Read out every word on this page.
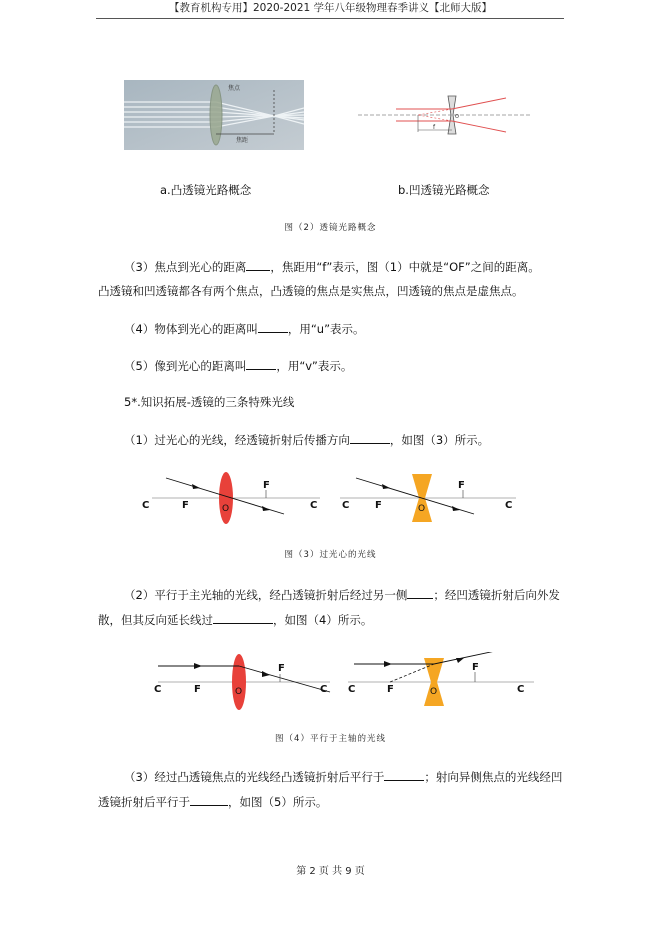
【教育机构专用】2020-2021 学年八年级物理春季讲义【北师大版】
焦点
焦距
f
O
a.凸透镜光路概念	b.凹透镜光路概念
图（2）透镜光路概念
（3）焦点到光心的距离 ，焦距用“f”表示，图（1）中就是“OF”之间的距离。
凸透镜和凹透镜都各有两个焦点，凸透镜的焦点是实焦点，凹透镜的焦点是虚焦点。
（4）物体到光心的距离叫	，用“u”表示。
（5）像到光心的距离叫	，用“v”表示。
5*.知识拓展-透镜的三条特殊光线
（1）过光心的光线，经透镜折射后传播方向	，如图（3）所示。
C	F	O
F
C C	F	O
F
C
图（3）过光心的光线
（2）平行于主光轴的光线，经凸透镜折射后经过另一侧 ；经凹透镜折射后向外发
散，但其反向延长线过	，如图（4）所示。
C	F	O
F
C C	F	O
F
C
图（4）平行于主轴的光线
（3）经过凸透镜焦点的光线经凸透镜折射后平行于	；射向异侧焦点的光线经凹
透镜折射后平行于	，如图（5）所示。
第 2 页 共 9 页
